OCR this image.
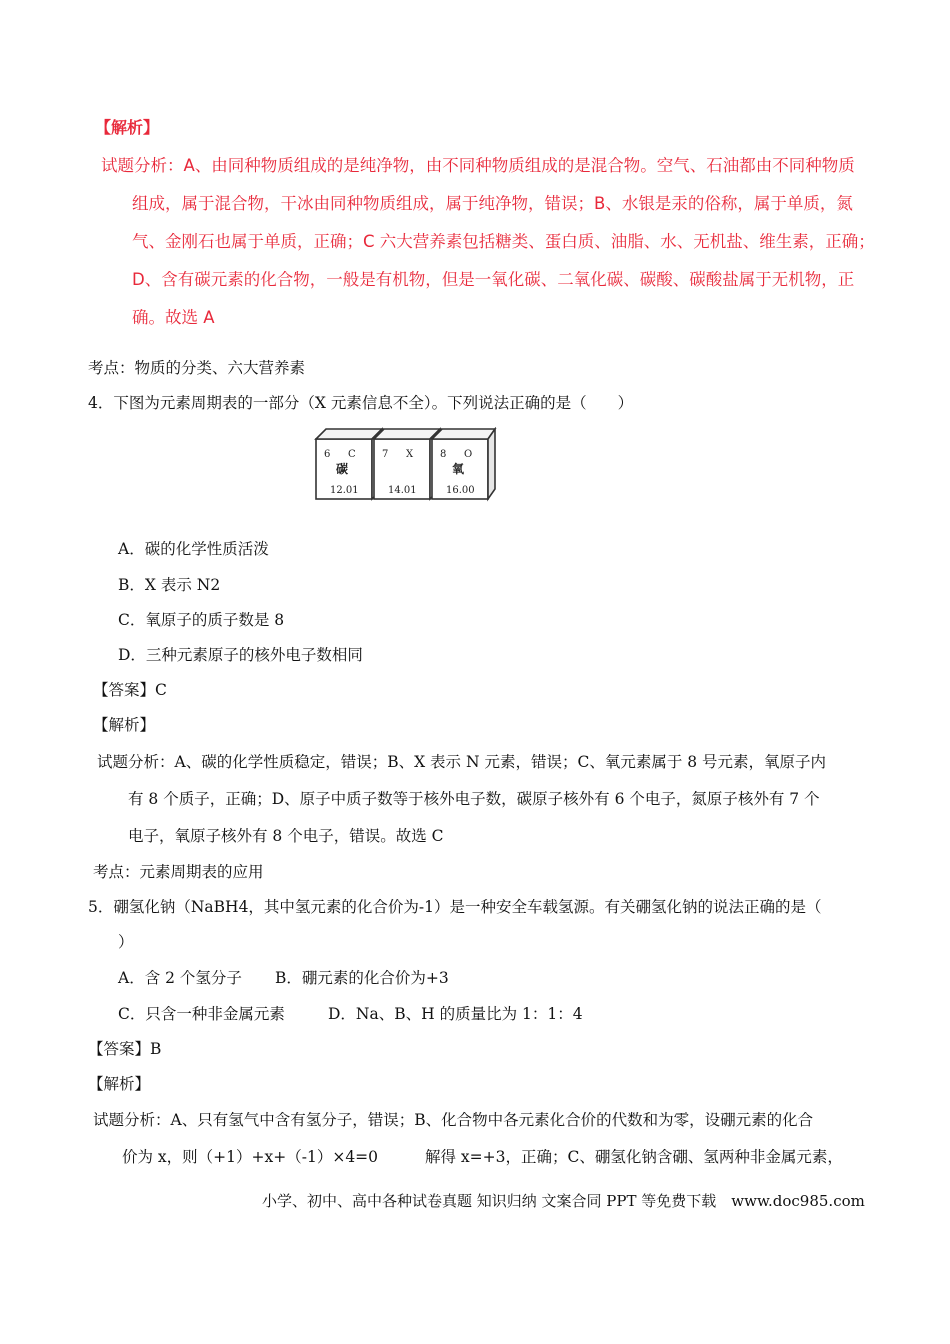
【解析】
试题分析：A、由同种物质组成的是纯净物，由不同种物质组成的是混合物。空气、石油都由不同种物质
组成，属于混合物，干冰由同种物质组成，属于纯净物，错误；B、水银是汞的俗称，属于单质，氮
气、金刚石也属于单质，正确；C 六大营养素包括糖类、蛋白质、油脂、水、无机盐、维生素，正确；
D、含有碳元素的化合物，一般是有机物，但是一氧化碳、二氧化碳、碳酸、碳酸盐属于无机物，正
确。故选 A
考点：物质的分类、六大营养素
4．下图为元素周期表的一部分（X 元素信息不全）。下列说法正确的是（　　）
6 C
碳
12.01
7 X
14.01
8 O
氧
16.00
A．碳的化学性质活泼
B．X 表示 N2
C．氧原子的质子数是 8
D．三种元素原子的核外电子数相同
【答案】C
【解析】
试题分析：A、碳的化学性质稳定，错误；B、X 表示 N 元素，错误；C、氧元素属于 8 号元素，氧原子内
有 8 个质子，正确；D、原子中质子数等于核外电子数，碳原子核外有 6 个电子，氮原子核外有 7 个
电子，氧原子核外有 8 个电子，错误。故选 C
考点：元素周期表的应用
5．硼氢化钠（NaBH4，其中氢元素的化合价为-1）是一种安全车载氢源。有关硼氢化钠的说法正确的是（
）
A．含 2 个氢分子 B．硼元素的化合价为+3
C．只含一种非金属元素	D．Na、B、H 的质量比为 1：1：4
【答案】B
【解析】
试题分析：A、只有氢气中含有氢分子，错误；B、化合物中各元素化合价的代数和为零，设硼元素的化合
价为 x，则（+1）+x+（-1）×4=0	解得 x=+3，正确；C、硼氢化钠含硼、氢两种非金属元素，
小学、初中、高中各种试卷真题 知识归纳 文案合同 PPT 等免费下载　www.doc985.com
